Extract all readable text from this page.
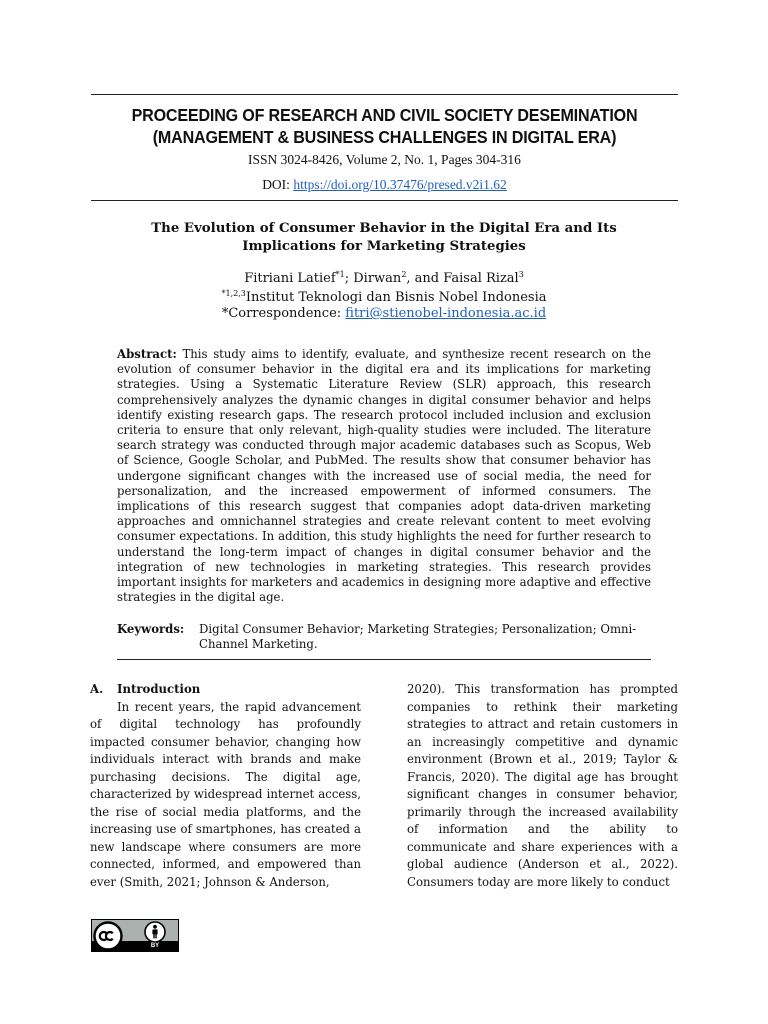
PROCEEDING OF RESEARCH AND CIVIL SOCIETY DESEMINATION
(MANAGEMENT & BUSINESS CHALLENGES IN DIGITAL ERA)
ISSN 3024-8426, Volume 2, No. 1, Pages 304-316
DOI: https://doi.org/10.37476/presed.v2i1.62
The Evolution of Consumer Behavior in the Digital Era and Its
Implications for Marketing Strategies
Fitriani Latief$^{*1}$; Dirwan$^2$, and Faisal Rizal$^3$
$^{*1,2,3}$Institut Teknologi dan Bisnis Nobel Indonesia
*Correspondence: fitri@stienobel-indonesia.ac.id
Abstract: This study aims to identify, evaluate, and synthesize recent research on the evolution of consumer behavior in the digital era and its implications for marketing strategies. Using a Systematic Literature Review (SLR) approach, this research comprehensively analyzes the dynamic changes in digital consumer behavior and helps identify existing research gaps. The research protocol included inclusion and exclusion criteria to ensure that only relevant, high-quality studies were included. The literature search strategy was conducted through major academic databases such as Scopus, Web of Science, Google Scholar, and PubMed. The results show that consumer behavior has undergone significant changes with the increased use of social media, the need for personalization, and the increased empowerment of informed consumers. The implications of this research suggest that companies adopt data-driven marketing approaches and omnichannel strategies and create relevant content to meet evolving consumer expectations. In addition, this study highlights the need for further research to understand the long-term impact of changes in digital consumer behavior and the integration of new technologies in marketing strategies. This research provides important insights for marketers and academics in designing more adaptive and effective strategies in the digital age.
Keywords: Digital Consumer Behavior; Marketing Strategies; Personalization; Omni-Channel Marketing.
A. Introduction

In recent years, the rapid advancement of digital technology has profoundly impacted consumer behavior, changing how individuals interact with brands and make purchasing decisions. The digital age, characterized by widespread internet access, the rise of social media platforms, and the increasing use of smartphones, has created a new landscape where consumers are more connected, informed, and empowered than ever (Smith, 2021; Johnson & Anderson,

2020). This transformation has prompted companies to rethink their marketing strategies to attract and retain customers in an increasingly competitive and dynamic environment (Brown et al., 2019; Taylor & Francis, 2020). The digital age has brought significant changes in consumer behavior, primarily through the increased availability of information and the ability to communicate and share experiences with a global audience (Anderson et al., 2022). Consumers today are more likely to conduct

BY
